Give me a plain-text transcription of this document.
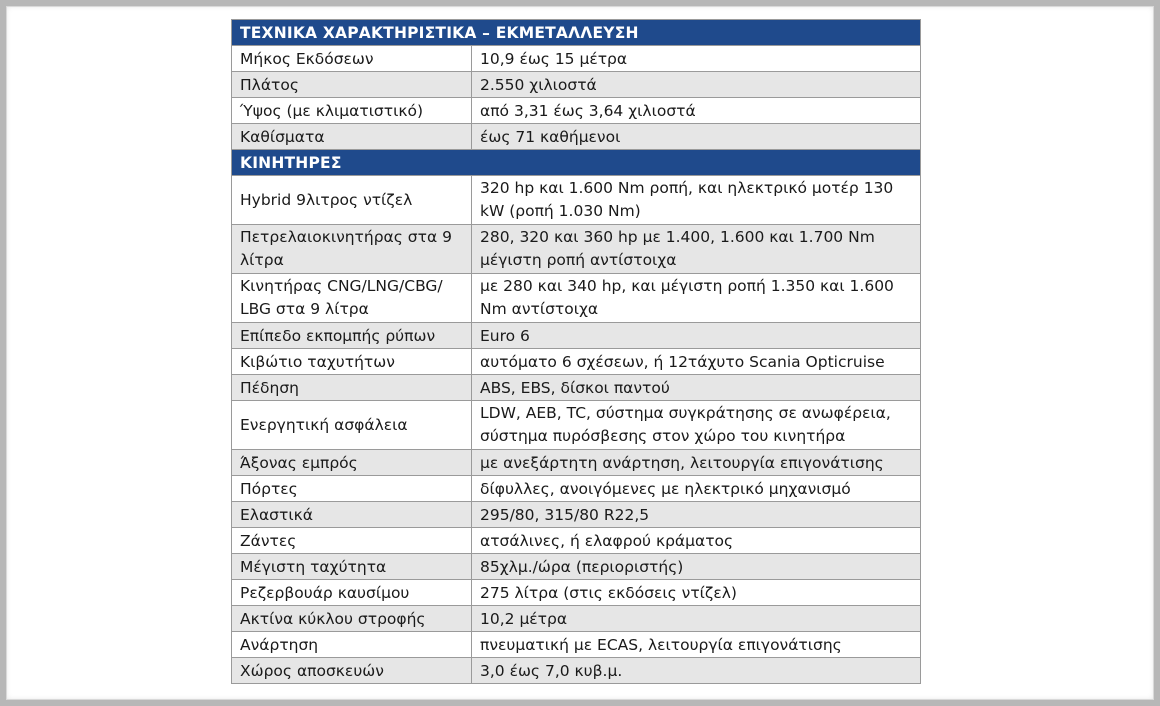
ΤΕΧΝΙΚΑ ΧΑΡΑΚΤΗΡΙΣΤΙΚΑ – ΕΚΜΕΤΑΛΛΕΥΣΗ	
Μήκος Εκδόσεων	10,9 έως 15 μέτρα
Πλάτος	2.550 χιλιοστά
Ύψος (με κλιματιστικό)	από 3,31 έως 3,64 χιλιοστά
Καθίσματα	έως 71 καθήμενοι
ΚΙΝΗΤΗΡΕΣ	
Hybrid 9λιτρος ντίζελ	320 hp και 1.600 Nm ροπή, και ηλεκτρικό μοτέρ 130 kW (ροπή 1.030 Nm)
Πετρελαιοκινητήρας στα 9 λίτρα	280, 320 και 360 hp με 1.400, 1.600 και 1.700 Nm μέγιστη ροπή αντίστοιχα
Κινητήρας CNG/LNG/CBG/ LBG στα 9 λίτρα	με 280 και 340 hp, και μέγιστη ροπή 1.350 και 1.600 Nm αντίστοιχα
Επίπεδο εκπομπής ρύπων	Euro 6
Κιβώτιο ταχυτήτων	αυτόματο 6 σχέσεων, ή 12τάχυτο Scania Opticruise
Πέδηση	ABS, EBS, δίσκοι παντού
Ενεργητική ασφάλεια	LDW, AEB, TC, σύστημα συγκράτησης σε ανωφέρεια, σύστημα πυρόσβεσης στον χώρο του κινητήρα
Άξονας εμπρός	με ανεξάρτητη ανάρτηση, λειτουργία επιγονάτισης
Πόρτες	δίφυλλες, ανοιγόμενες με ηλεκτρικό μηχανισμό
Ελαστικά	295/80, 315/80 R22,5
Ζάντες	ατσάλινες, ή ελαφρού κράματος
Μέγιστη ταχύτητα	85χλμ./ώρα (περιοριστής)
Ρεζερβουάρ καυσίμου	275 λίτρα (στις εκδόσεις ντίζελ)
Ακτίνα κύκλου στροφής	10,2 μέτρα
Ανάρτηση	πνευματική με ECAS, λειτουργία επιγονάτισης
Χώρος αποσκευών	3,0 έως 7,0 κυβ.μ.
